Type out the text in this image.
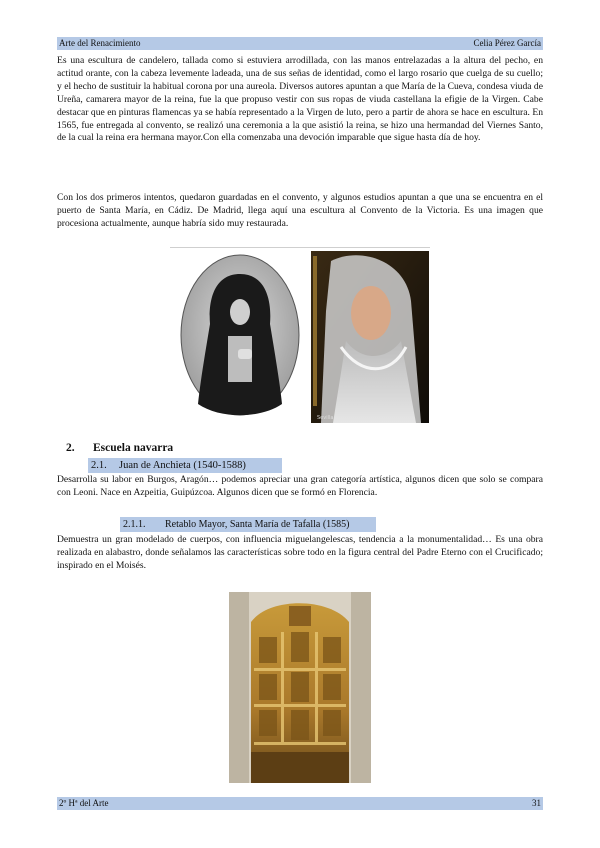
Arte del Renacimiento	Celia Pérez García

Es una escultura de candelero, tallada como si estuviera arrodillada, con las manos entrelazadas a la altura del pecho, en actitud orante, con la cabeza levemente ladeada, una de sus señas de identidad, como el largo rosario que cuelga de su cuello; y el hecho de sustituir la habitual corona por una aureola. Diversos autores apuntan a que María de la Cueva, condesa viuda de Ureña, camarera mayor de la reina, fue la que propuso vestir con sus ropas de viuda castellana la efigie de la Virgen. Cabe destacar que en pinturas flamencas ya se había representado a la Virgen de luto, pero a partir de ahora se hace en escultura. En 1565, fue entregada al convento, se realizó una ceremonia a la que asistió la reina, se hizo una hermandad del Viernes Santo, de la cual la reina era hermana mayor.Con ella comenzaba una devoción imparable que sigue hasta día de hoy.

Con los dos primeros intentos, quedaron guardadas en el convento, y algunos estudios apuntan a que una se encuentra en el puerto de Santa María, en Cádiz. De Madrid, llega aquí una escultura al Convento de la Victoria. Es una imagen que procesiona actualmente, aunque habría sido muy restaurada.

Sevilla
2. Escuela navarra
2.1. Juan de Anchieta (1540-1588)

Desarrolla su labor en Burgos, Aragón… podemos apreciar una gran categoría artística, algunos dicen que solo se compara con Leoni. Nace en Azpeitia, Guipúzcoa. Algunos dicen que se formó en Florencia.

2.1.1. Retablo Mayor, Santa María de Tafalla (1585)

Demuestra un gran modelado de cuerpos, con influencia miguelangelescas, tendencia a la monumentalidad… Es una obra realizada en alabastro, donde señalamos las características sobre todo en la figura central del Padre Eterno con el Crucificado; inspirado en el Moisés.

2º Hª del Arte	31
